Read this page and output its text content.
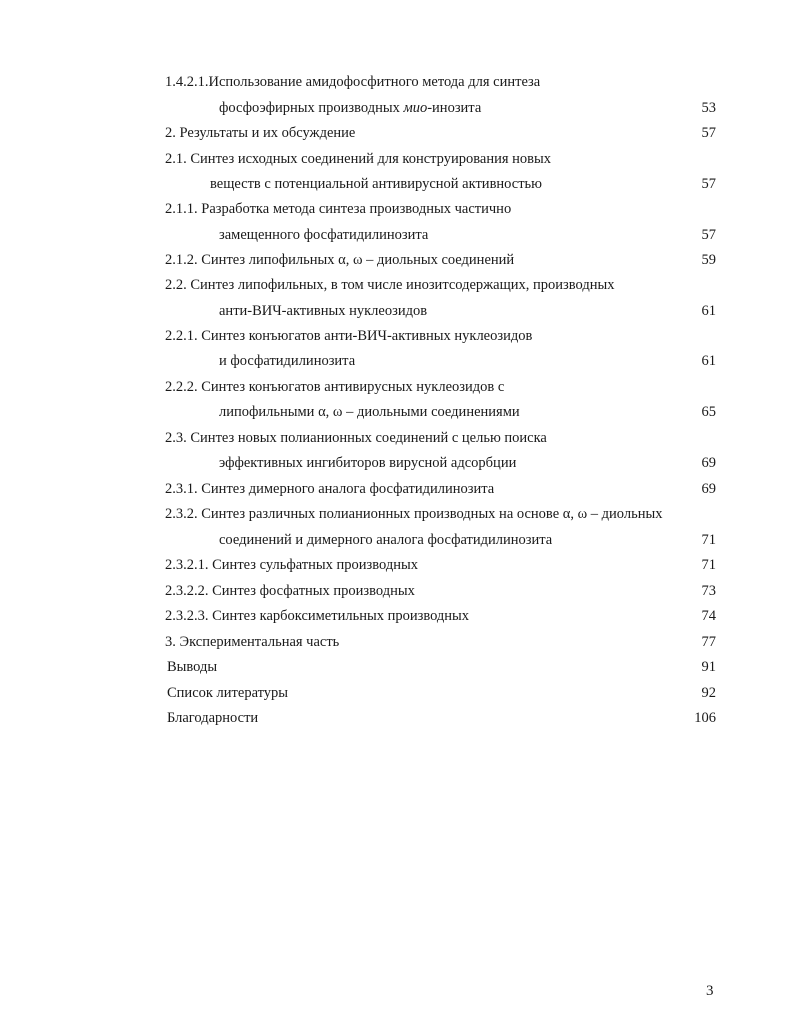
1.4.2.1.Использование амидофосфитного метода для синтеза
фосфоэфирных производных мио-инозита	53
2. Результаты и их обсуждение	57
2.1. Синтез исходных соединений для конструирования новых
веществ с потенциальной антивирусной активностью	57
2.1.1. Разработка метода синтеза производных частично
замещенного фосфатидилинозита	57
2.1.2. Синтез липофильных α, ω – диольных соединений	59
2.2. Синтез липофильных, в том числе инозитсодержащих, производных
анти-ВИЧ-активных нуклеозидов	61
2.2.1. Синтез конъюгатов анти-ВИЧ-активных нуклеозидов
и фосфатидилинозита	61
2.2.2. Синтез конъюгатов антивирусных нуклеозидов с
липофильными α, ω – диольными соединениями	65
2.3. Синтез новых полианионных соединений с целью поиска
эффективных ингибиторов вирусной адсорбции	69
2.3.1. Синтез димерного аналога фосфатидилинозита	69
2.3.2. Синтез различных полианионных производных на основе α, ω – диольных
соединений и димерного аналога фосфатидилинозита	71
2.3.2.1. Синтез сульфатных производных	71
2.3.2.2. Синтез фосфатных производных	73
2.3.2.3. Синтез карбоксиметильных производных	74
3. Экспериментальная часть	77
Выводы	91
Список литературы	92
Благодарности	106
3
